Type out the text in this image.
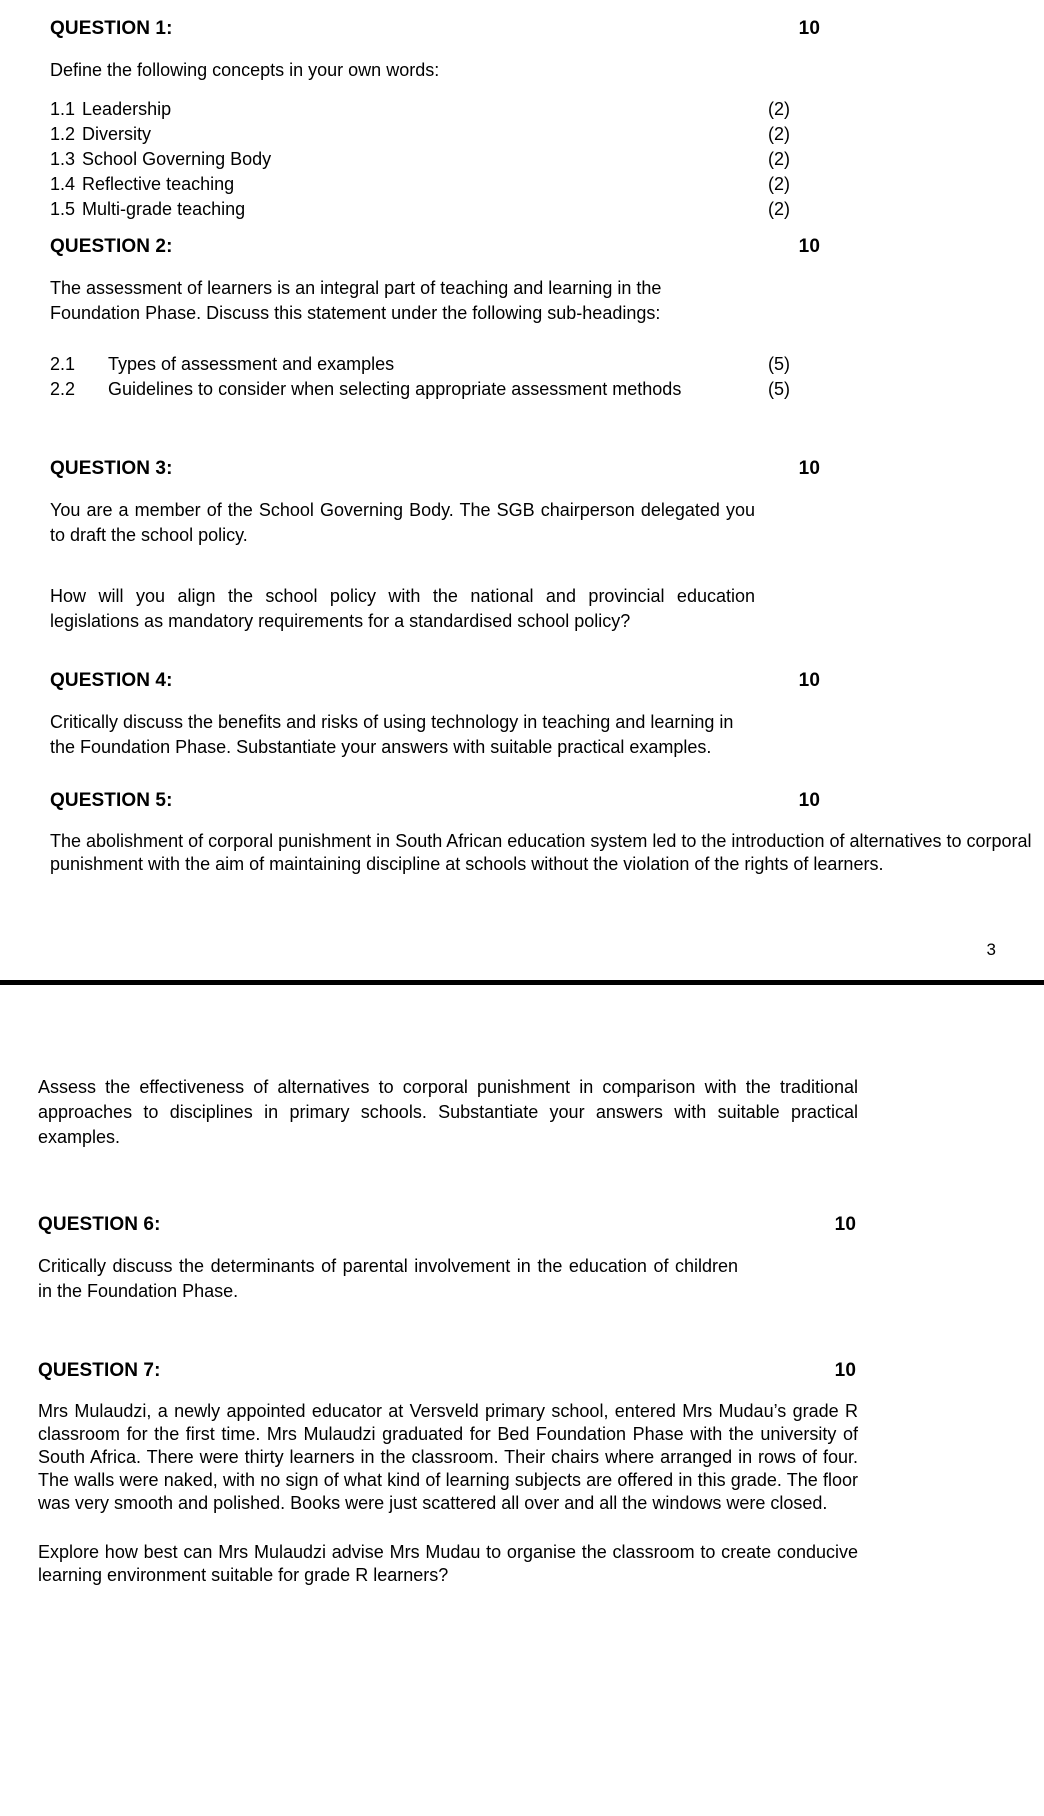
QUESTION 1:	10
Define the following concepts in your own words:
1.1 Leadership	(2)
1.2 Diversity	(2)
1.3 School Governing Body	(2)
1.4 Reflective teaching	(2)
1.5 Multi-grade teaching	(2)
QUESTION 2:	10
The assessment of learners is an integral part of teaching and learning in the Foundation Phase. Discuss this statement under the following sub-headings:
2.1	Types of assessment and examples	(5)
2.2	Guidelines to consider when selecting appropriate assessment methods	(5)
QUESTION 3:	10
You are a member of the School Governing Body. The SGB chairperson delegated you to draft the school policy.
How will you align the school policy with the national and provincial education legislations as mandatory requirements for a standardised school policy?
QUESTION 4:	10
Critically discuss the benefits and risks of using technology in teaching and learning in the Foundation Phase. Substantiate your answers with suitable practical examples.
QUESTION 5:	10
The abolishment of corporal punishment in South African education system led to the introduction of alternatives to corporal punishment with the aim of maintaining discipline at schools without the violation of the rights of learners.
3
Assess the effectiveness of alternatives to corporal punishment in comparison with the traditional approaches to disciplines in primary schools. Substantiate your answers with suitable practical examples.
QUESTION 6:	10
Critically discuss the determinants of parental involvement in the education of children in the Foundation Phase.
QUESTION 7:	10
Mrs Mulaudzi, a newly appointed educator at Versveld primary school, entered Mrs Mudau’s grade R classroom for the first time. Mrs Mulaudzi graduated for Bed Foundation Phase with the university of South Africa. There were thirty learners in the classroom. Their chairs where arranged in rows of four. The walls were naked, with no sign of what kind of learning subjects are offered in this grade. The floor was very smooth and polished. Books were just scattered all over and all the windows were closed.
Explore how best can Mrs Mulaudzi advise Mrs Mudau to organise the classroom to create conducive learning environment suitable for grade R learners?
